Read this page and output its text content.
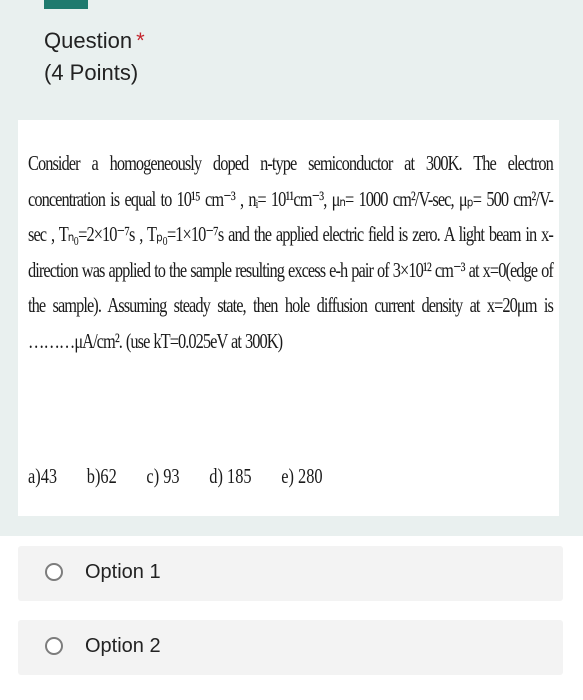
Question *
(4 Points)
Consider a homogeneously doped n-type semiconductor at 300K. The electron concentration is equal to 10¹⁵ cm⁻³ , nᵢ= 10¹¹cm⁻³, μₙ= 1000 cm²/V-sec, μₚ= 500 cm²/V-sec , Tₙ₀=2×10⁻⁷s , Tₚ₀=1×10⁻⁷s and the applied electric field is zero. A light beam in x-direction was applied to the sample resulting excess e-h pair of 3×10¹² cm⁻³ at x=0(edge of the sample). Assuming steady state, then hole diffusion current density at x=20μm is ………μA/cm². (use kT=0.025eV at 300K)
a)43 b)62 c) 93 d) 185 e) 280
Option 1
Option 2
